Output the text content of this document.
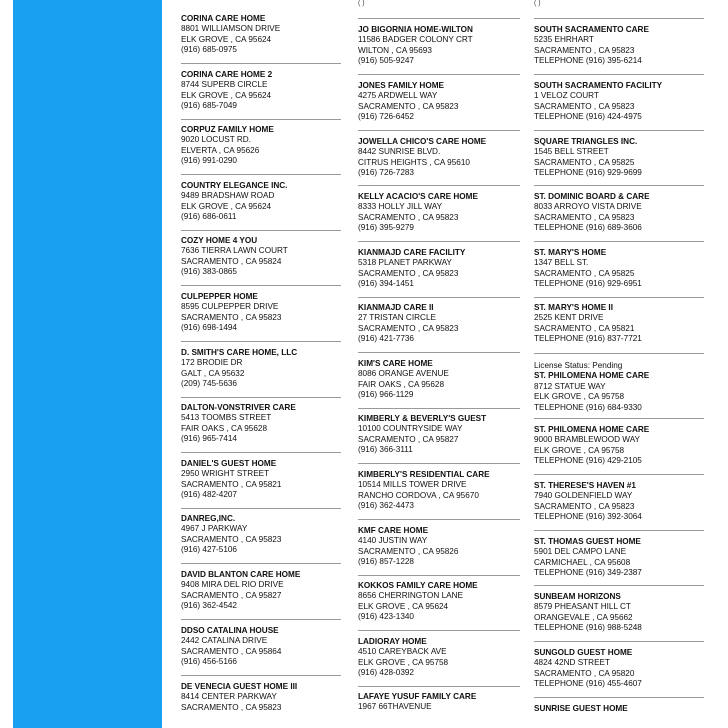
CORINA CARE HOME
8801 WILLIAMSON DRIVE
ELK GROVE , CA 95624
(916) 685-0975
CORINA CARE HOME 2
8744 SUPERB CIRCLE
ELK GROVE , CA 95624
(916) 685-7049
CORPUZ FAMILY HOME
9020 LOCUST RD.
ELVERTA , CA 95626
(916) 991-0290
COUNTRY ELEGANCE INC.
9489 BRADSHAW ROAD
ELK GROVE , CA 95624
(916) 686-0611
COZY HOME 4 YOU
7636 TIERRA LAWN COURT
SACRAMENTO , CA 95824
(916) 383-0865
CULPEPPER HOME
8595 CULPEPPER DRIVE
SACRAMENTO , CA 95823
(916) 698-1494
D. SMITH'S CARE HOME, LLC
172 BRODIE DR
GALT , CA 95632
(209) 745-5636
DALTON-VONSTRIVER CARE
5413 TOOMBS STREET
FAIR OAKS , CA 95628
(916) 965-7414
DANIEL'S GUEST HOME
2950 WRIGHT STREET
SACRAMENTO , CA 95821
(916) 482-4207
DANREG,INC.
4967 J PARKWAY
SACRAMENTO , CA 95823
(916) 427-5106
DAVID BLANTON CARE HOME
9408 MIRA DEL RIO DRIVE
SACRAMENTO , CA 95827
(916) 362-4542
DDSO CATALINA HOUSE
2442 CATALINA DRIVE
SACRAMENTO , CA 95864
(916) 456-5166
DE VENECIA GUEST HOME III
8414 CENTER PARKWAY
SACRAMENTO , CA 95823
( )
JO BIGORNIA HOME-WILTON
11586 BADGER COLONY CRT
WILTON , CA 95693
(916) 505-9247
JONES FAMILY HOME
4275 ARDWELL WAY
SACRAMENTO , CA 95823
(916) 726-6452
JOWELLA CHICO'S CARE HOME
8442 SUNRISE BLVD.
CITRUS HEIGHTS , CA 95610
(916) 726-7283
KELLY ACACIO'S CARE HOME
8333 HOLLY JILL WAY
SACRAMENTO , CA 95823
(916) 395-9279
KIANMAJD CARE FACILITY
5318 PLANET PARKWAY
SACRAMENTO , CA 95823
(916) 394-1451
KIANMAJD CARE II
27 TRISTAN CIRCLE
SACRAMENTO , CA 95823
(916) 421-7736
KIM'S CARE HOME
8086 ORANGE AVENUE
FAIR OAKS , CA 95628
(916) 966-1129
KIMBERLY & BEVERLY'S GUEST
10100 COUNTRYSIDE WAY
SACRAMENTO , CA 95827
(916) 366-3111
KIMBERLY'S RESIDENTIAL CARE
10514 MILLS TOWER DRIVE
RANCHO CORDOVA , CA 95670
(916) 362-4473
KMF CARE HOME
4140 JUSTIN WAY
SACRAMENTO , CA 95826
(916) 857-1228
KOKKOS FAMILY CARE HOME
8656 CHERRINGTON LANE
ELK GROVE , CA 95624
(916) 423-1340
LADIORAY HOME
4510 CAREYBACK AVE
ELK GROVE , CA 95758
(916) 428-0392
LAFAYE YUSUF FAMILY CARE
1967 66THAVENUE
( )
SOUTH SACRAMENTO CARE
5235 EHRHART
SACRAMENTO , CA 95823
TELEPHONE (916) 395-6214
SOUTH SACRAMENTO FACILITY
1 VELOZ COURT
SACRAMENTO , CA 95823
TELEPHONE (916) 424-4975
SQUARE TRIANGLES INC.
1545 BELL STREET
SACRAMENTO , CA 95825
TELEPHONE (916) 929-9699
ST. DOMINIC BOARD & CARE
8033 ARROYO VISTA DRIVE
SACRAMENTO , CA 95823
TELEPHONE (916) 689-3606
ST. MARY'S HOME
1347 BELL ST.
SACRAMENTO , CA 95825
TELEPHONE (916) 929-6951
ST. MARY'S HOME II
2525 KENT DRIVE
SACRAMENTO , CA 95821
TELEPHONE (916) 837-7721
License Status: Pending
ST. PHILOMENA HOME CARE
8712 STATUE WAY
ELK GROVE , CA 95758
TELEPHONE (916) 684-9330
ST. PHILOMENA HOME CARE
9000 BRAMBLEWOOD WAY
ELK GROVE , CA 95758
TELEPHONE (916) 429-2105
ST. THERESE'S HAVEN #1
7940 GOLDENFIELD WAY
SACRAMENTO , CA 95823
TELEPHONE (916) 392-3064
ST. THOMAS GUEST HOME
5901 DEL CAMPO LANE
CARMICHAEL , CA 95608
TELEPHONE (916) 349-2387
SUNBEAM HORIZONS
8579 PHEASANT HILL CT
ORANGEVALE , CA 95662
TELEPHONE (916) 988-5248
SUNGOLD GUEST HOME
4824 42ND STREET
SACRAMENTO , CA 95820
TELEPHONE (916) 455-4607
SUNRISE GUEST HOME
